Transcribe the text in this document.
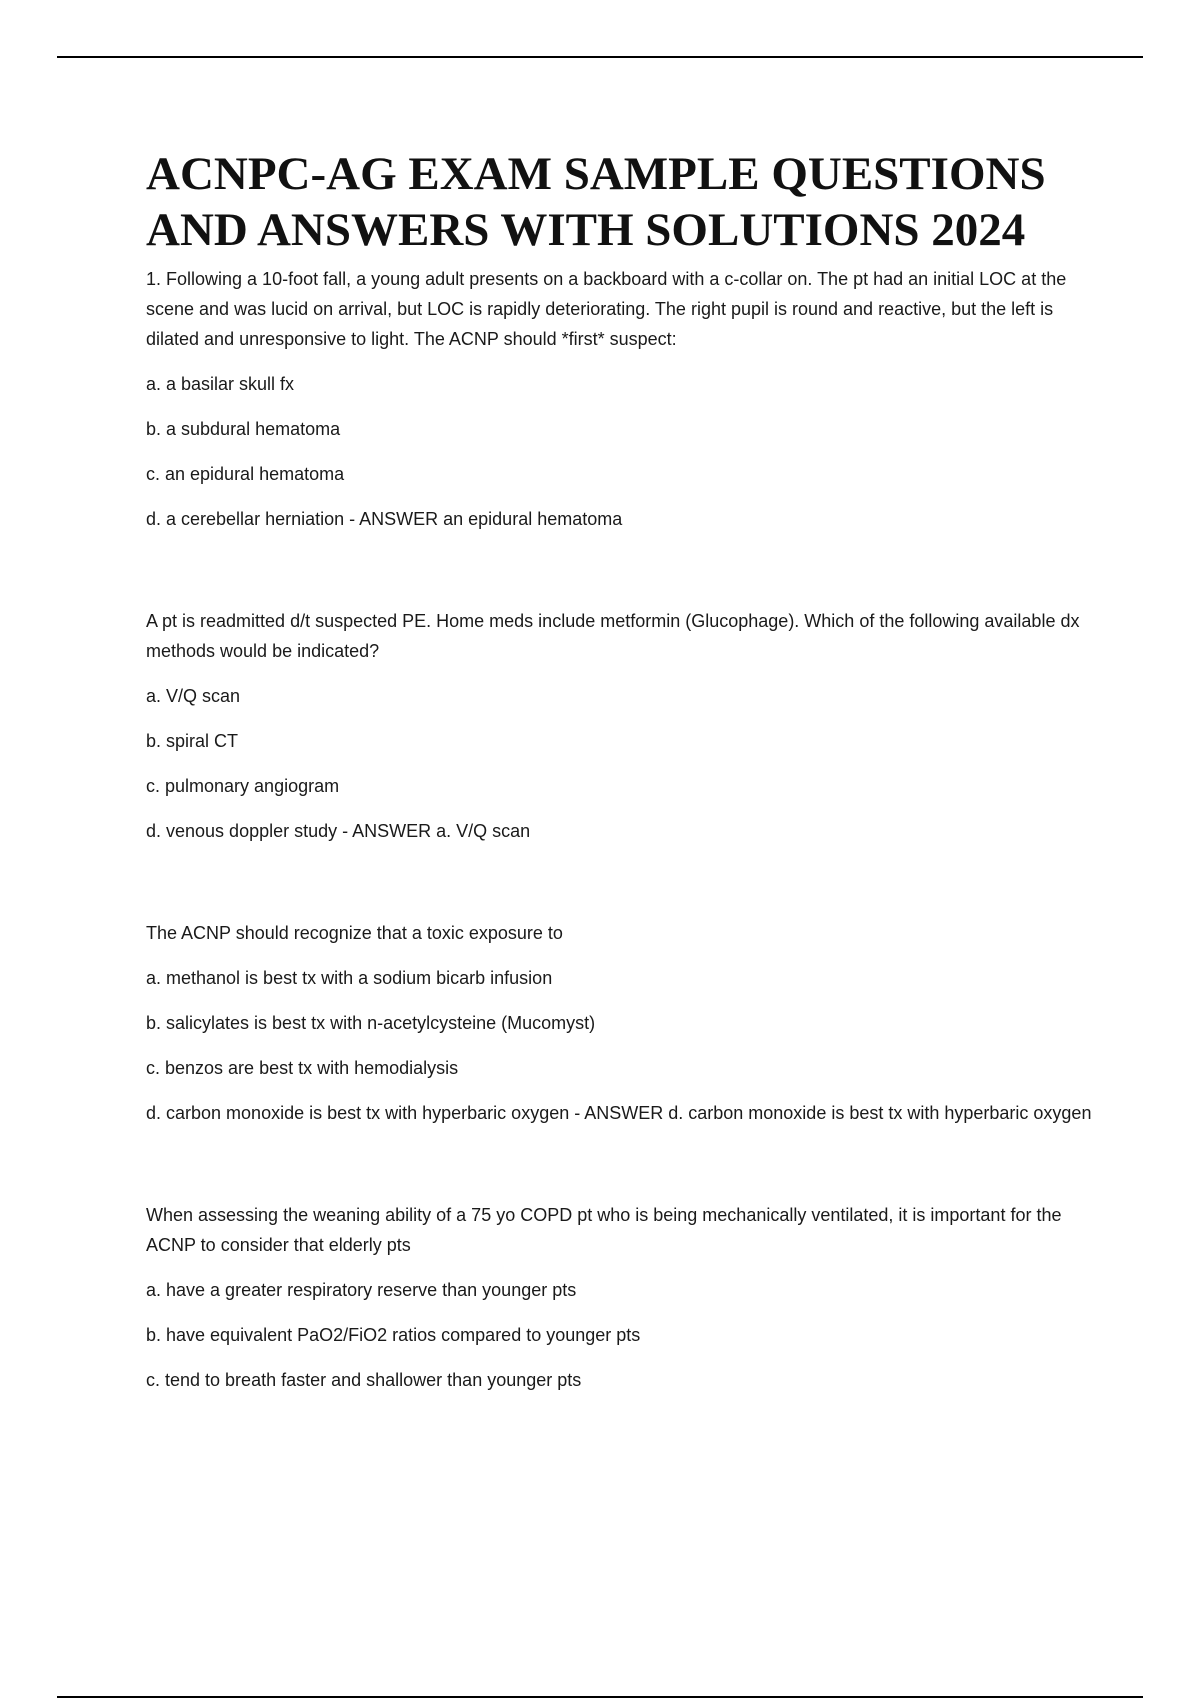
ACNPC-AG EXAM SAMPLE QUESTIONS AND ANSWERS WITH SOLUTIONS 2024

1. Following a 10-foot fall, a young adult presents on a backboard with a c-collar on. The pt had an initial LOC at the scene and was lucid on arrival, but LOC is rapidly deteriorating. The right pupil is round and reactive, but the left is dilated and unresponsive to light. The ACNP should *first* suspect:

a. a basilar skull fx

b. a subdural hematoma

c. an epidural hematoma

d. a cerebellar herniation - ANSWER an epidural hematoma

A pt is readmitted d/t suspected PE. Home meds include metformin (Glucophage). Which of the following available dx methods would be indicated?

a. V/Q scan

b. spiral CT

c. pulmonary angiogram

d. venous doppler study - ANSWER a. V/Q scan

The ACNP should recognize that a toxic exposure to

a. methanol is best tx with a sodium bicarb infusion

b. salicylates is best tx with n-acetylcysteine (Mucomyst)

c. benzos are best tx with hemodialysis

d. carbon monoxide is best tx with hyperbaric oxygen - ANSWER d. carbon monoxide is best tx with hyperbaric oxygen

When assessing the weaning ability of a 75 yo COPD pt who is being mechanically ventilated, it is important for the ACNP to consider that elderly pts

a. have a greater respiratory reserve than younger pts

b. have equivalent PaO2/FiO2 ratios compared to younger pts

c. tend to breath faster and shallower than younger pts
